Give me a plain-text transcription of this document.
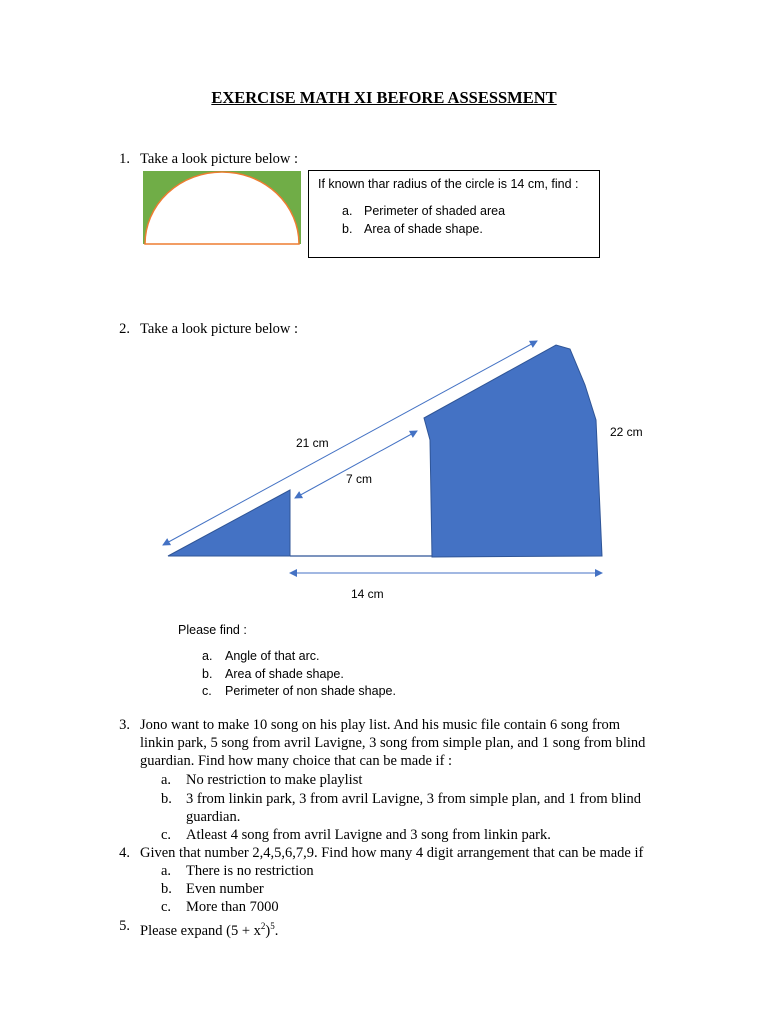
EXERCISE MATH XI BEFORE ASSESSMENT
1. Take a look picture below :
If known thar radius of the circle is 14 cm, find :
a. Perimeter of shaded area
b. Area of shade shape.
2. Take a look picture below :
21 cm
7 cm
22 cm
14 cm
Please find :
a. Angle of that arc.
b. Area of shade shape.
c. Perimeter of non shade shape.
3. Jono want to make 10 song on his play list. And his music file contain 6 song from
linkin park, 5 song from avril Lavigne, 3 song from simple plan, and 1 song from blind
guardian. Find how many choice that can be made if :
a. No restriction to make playlist
b. 3 from linkin park, 3 from avril Lavigne, 3 from simple plan, and 1 from blind
guardian.
c. Atleast 4 song from avril Lavigne and 3 song from linkin park.
4. Given that number 2,4,5,6,7,9. Find how many 4 digit arrangement that can be made if
a. There is no restriction
b. Even number
c. More than 7000
5. Please expand $(5 + x^2)^5$.
